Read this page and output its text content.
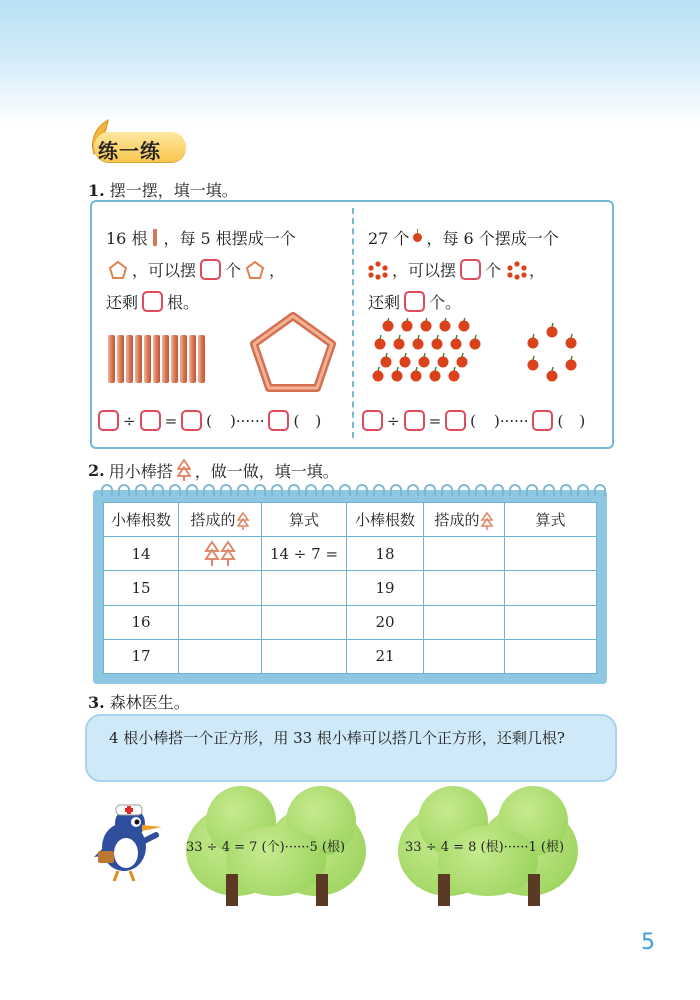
练一练
1. 摆一摆，填一填。
16 根 ，每 5 根摆成一个
，可以摆 个 ，
还剩 根。
27 个 ，每 6 个摆成一个
，可以摆 个 ，
还剩 个。
÷ = ( ) ······ ( )	÷ = ( ) ······ ( )
2. 用小棒搭 ，做一做，填一填。
小棒根数	搭成的	算式	小棒根数	搭成的	算式
14		14 ÷ 7 =	18		
15			19		
16			20		
17			21		
3. 森林医生。
4 根小棒搭一个正方形，用 33 根小棒可以搭几个正方形，还剩几根?
33 ÷ 4 = 7 (个)······5 (根)	33 ÷ 4 = 8 (根)······1 (根)
5
